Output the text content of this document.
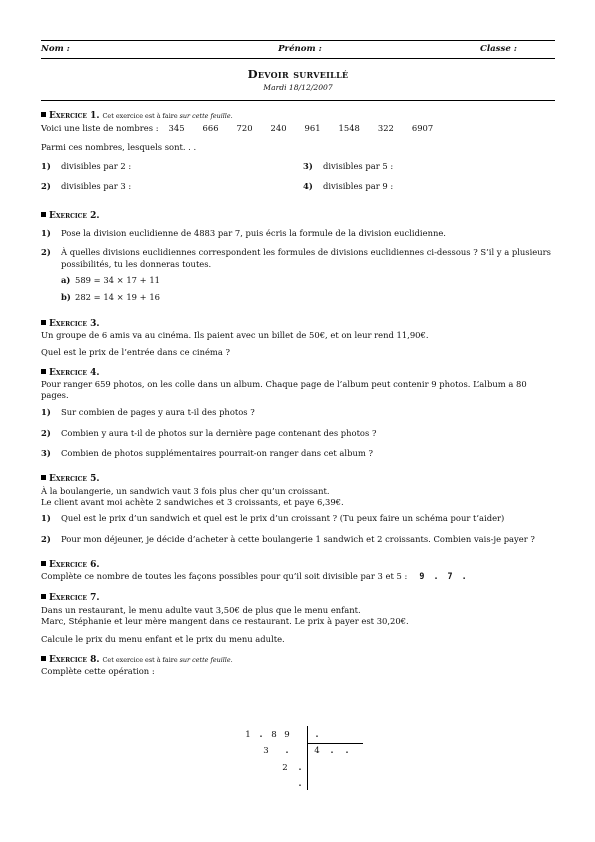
Nom :	Prénom :	Classe :
Devoir surveillé
Mardi 18/12/2007
Exercice 1. Cet exercice est à faire sur cette feuille.

Voici une liste de nombres : 345 666 720 240 961 1548 322 6907

Parmi ces nombres, lesquels sont. . .

1)	divisibles par 2 :	3)	divisibles par 5 :
2)	divisibles par 3 :	4)	divisibles par 9 :
Exercice 2.
1)	Pose la division euclidienne de 4883 par 7, puis écris la formule de la division euclidienne.
2)	À quelles divisions euclidiennes correspondent les formules de divisions euclidiennes ci-dessous ? S’il y a plusieurs possibilités, tu les donneras toutes.
a) 589 = 34 × 17 + 11
b) 282 = 14 × 19 + 16
Exercice 3.

Un groupe de 6 amis va au cinéma. Ils paient avec un billet de 50€, et on leur rend 11,90€.

Quel est le prix de l’entrée dans ce cinéma ?

Exercice 4.

Pour ranger 659 photos, on les colle dans un album. Chaque page de l’album peut contenir 9 photos. L’album a 80 pages.

1)	Sur combien de pages y aura t-il des photos ?
2)	Combien y aura t-il de photos sur la dernière page contenant des photos ?
3)	Combien de photos supplémentaires pourrait-on ranger dans cet album ?
Exercice 5.

À la boulangerie, un sandwich vaut 3 fois plus cher qu’un croissant.

Le client avant moi achète 2 sandwiches et 3 croissants, et paye 6,39€.

1)	Quel est le prix d’un sandwich et quel est le prix d’un croissant ? (Tu peux faire un schéma pour t’aider)
2)	Pour mon déjeuner, je décide d’acheter à cette boulangerie 1 sandwich et 2 croissants. Combien vais-je payer ?
Exercice 6.

Complète ce nombre de toutes les façons possibles pour qu’il soit divisible par 3 et 5 : 9 . 7 .

Exercice 7.

Dans un restaurant, le menu adulte vaut 3,50€ de plus que le menu enfant.

Marc, Stéphanie et leur mère mangent dans ce restaurant. Le prix à payer est 30,20€.

Calcule le prix du menu enfant et le prix du menu adulte.

Exercice 8. Cet exercice est à faire sur cette feuille.

Complète cette opération :

1	.	8 9
3	.
2	.
.
.
4	.	.
